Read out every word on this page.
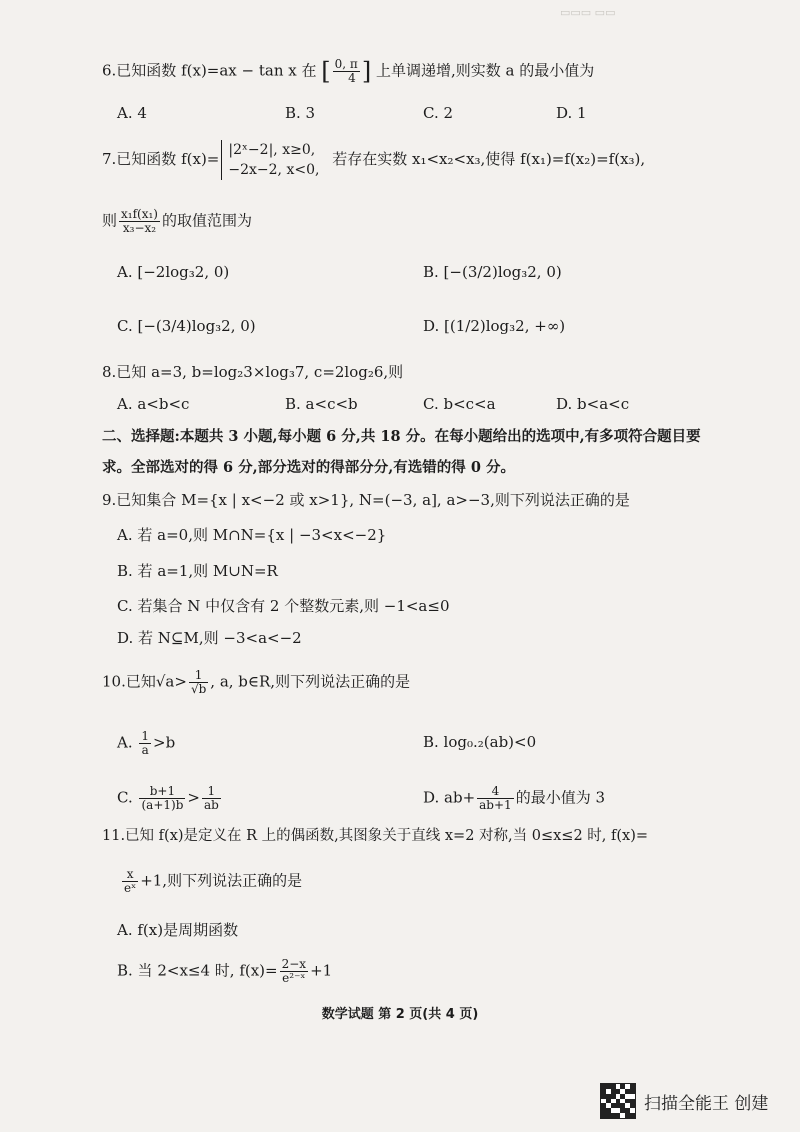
▭▭▭ ▭▭
6.已知函数 f(x)=ax − tan x 在 [ $\frac{0, \pi}{4}$ ] 上单调递增,则实数 a 的最小值为
A. 4	B. 3	C. 2	D. 1
7.已知函数 f(x)= |2ˣ−2|, x≥0,
−2x−2, x<0, 若存在实数 x₁<x₂<x₃,使得 f(x₁)=f(x₂)=f(x₃),
则 $\frac{\text{x₁f(x₁)}}{\text{x₃−x₂}}$ 的取值范围为
A. [−2log₃2, 0)	B. [−(3/2)log₃2, 0)
C. [−(3/4)log₃2, 0)	D. [(1/2)log₃2, +∞)
8.已知 a=3, b=log₂3×log₃7, c=2log₂6,则
A. a<b<c	B. a<c<b	C. b<c<a	D. b<a<c
二、选择题:本题共 3 小题,每小题 6 分,共 18 分。在每小题给出的选项中,有多项符合题目要
求。全部选对的得 6 分,部分选对的得部分分,有选错的得 0 分。
9.已知集合 M={x | x<−2 或 x>1}, N=(−3, a], a>−3,则下列说法正确的是
A. 若 a=0,则 M∩N={x | −3<x<−2}
B. 若 a=1,则 M∪N=R
C. 若集合 N 中仅含有 2 个整数元素,则 −1<a≤0
D. 若 N⊆M,则 −3<a<−2
10.已知$√a> \frac{1}{√b}$ , a, b∈R,则下列说法正确的是
A. $\frac{1}{a} >b$	B. log₀.₂(ab)<0
C. $\frac{b+1}{(a+1)b} > \frac{1}{ab}$	D. $ab+ \frac{4}{ab+1}$ 的最小值为 3
11.已知 f(x)是定义在 R 上的偶函数,其图象关于直线 x=2 对称,当 0≤x≤2 时, f(x)=
$\frac{x}{\text{eˣ}} +1$,则下列说法正确的是
A. f(x)是周期函数
B. 当 2<x≤4 时, $f(x)= \frac{2-x}{\text{e²⁻ˣ}} +1$
数学试题 第 2 页(共 4 页)
扫描全能王 创建
